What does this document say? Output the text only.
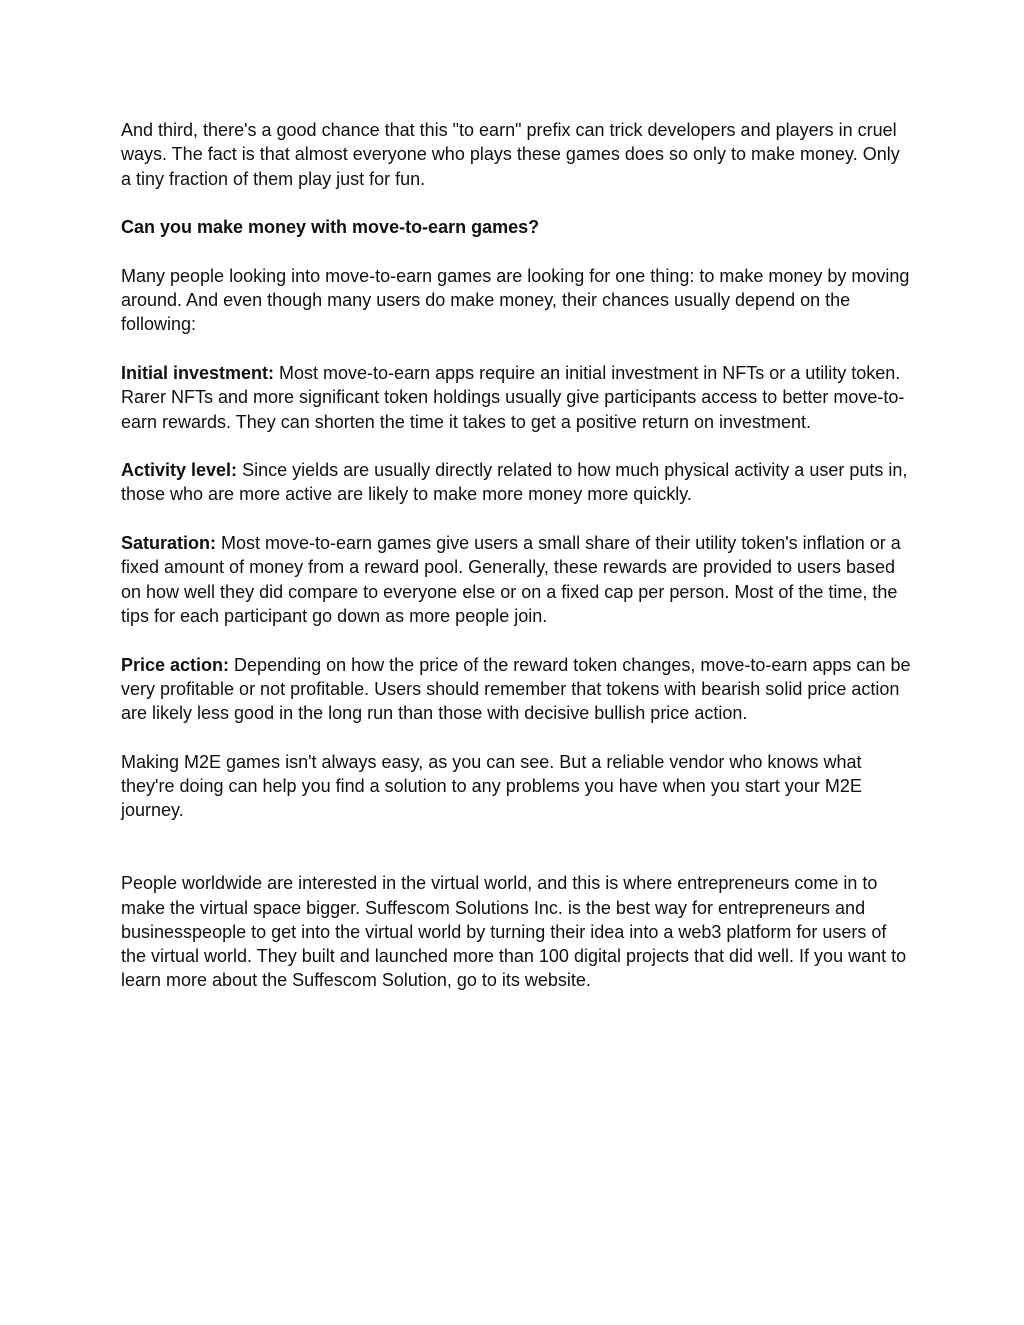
And third, there's a good chance that this "to earn" prefix can trick developers and players in cruel ways. The fact is that almost everyone who plays these games does so only to make money. Only a tiny fraction of them play just for fun.

Can you make money with move-to-earn games?

Many people looking into move-to-earn games are looking for one thing: to make money by moving around. And even though many users do make money, their chances usually depend on the following:

Initial investment: Most move-to-earn apps require an initial investment in NFTs or a utility token. Rarer NFTs and more significant token holdings usually give participants access to better move-to-earn rewards. They can shorten the time it takes to get a positive return on investment.

Activity level: Since yields are usually directly related to how much physical activity a user puts in, those who are more active are likely to make more money more quickly.

Saturation: Most move-to-earn games give users a small share of their utility token's inflation or a fixed amount of money from a reward pool. Generally, these rewards are provided to users based on how well they did compare to everyone else or on a fixed cap per person. Most of the time, the tips for each participant go down as more people join.

Price action: Depending on how the price of the reward token changes, move-to-earn apps can be very profitable or not profitable. Users should remember that tokens with bearish solid price action are likely less good in the long run than those with decisive bullish price action.

Making M2E games isn't always easy, as you can see. But a reliable vendor who knows what they're doing can help you find a solution to any problems you have when you start your M2E journey.

People worldwide are interested in the virtual world, and this is where entrepreneurs come in to make the virtual space bigger. Suffescom Solutions Inc. is the best way for entrepreneurs and businesspeople to get into the virtual world by turning their idea into a web3 platform for users of the virtual world. They built and launched more than 100 digital projects that did well. If you want to learn more about the Suffescom Solution, go to its website.
